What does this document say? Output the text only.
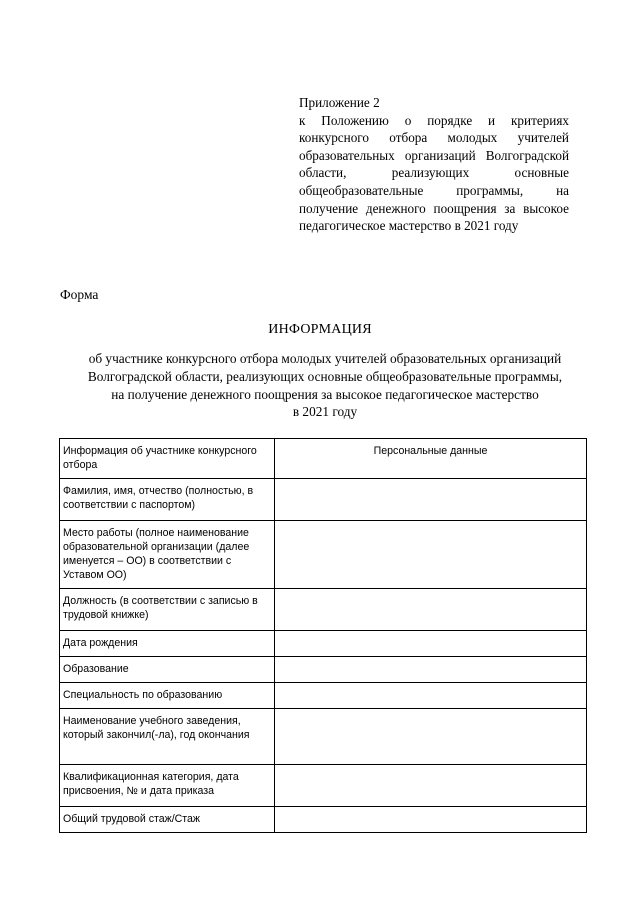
Приложение 2
к Положению о порядке и критериях конкурсного отбора молодых учителей образовательных организаций Волгоградской области, реализующих основные общеобразовательные программы, на получение денежного поощрения за высокое педагогическое мастерство в 2021 году
Форма
ИНФОРМАЦИЯ
об участнике конкурсного отбора молодых учителей образовательных организаций
Волгоградской области, реализующих основные общеобразовательные программы,
на получение денежного поощрения за высокое педагогическое мастерство
в 2021 году
Информация об участнике конкурсного отбора	Персональные данные
Фамилия, имя, отчество (полностью, в соответствии с паспортом)	
Место работы (полное наименование образовательной организации (далее именуется – ОО) в соответствии с Уставом ОО)	
Должность (в соответствии с записью в трудовой книжке)	
Дата рождения	
Образование	
Специальность по образованию	
Наименование учебного заведения, который закончил(-ла), год окончания	
Квалификационная категория, дата присвоения, № и дата приказа	
Общий трудовой стаж/Стаж	
